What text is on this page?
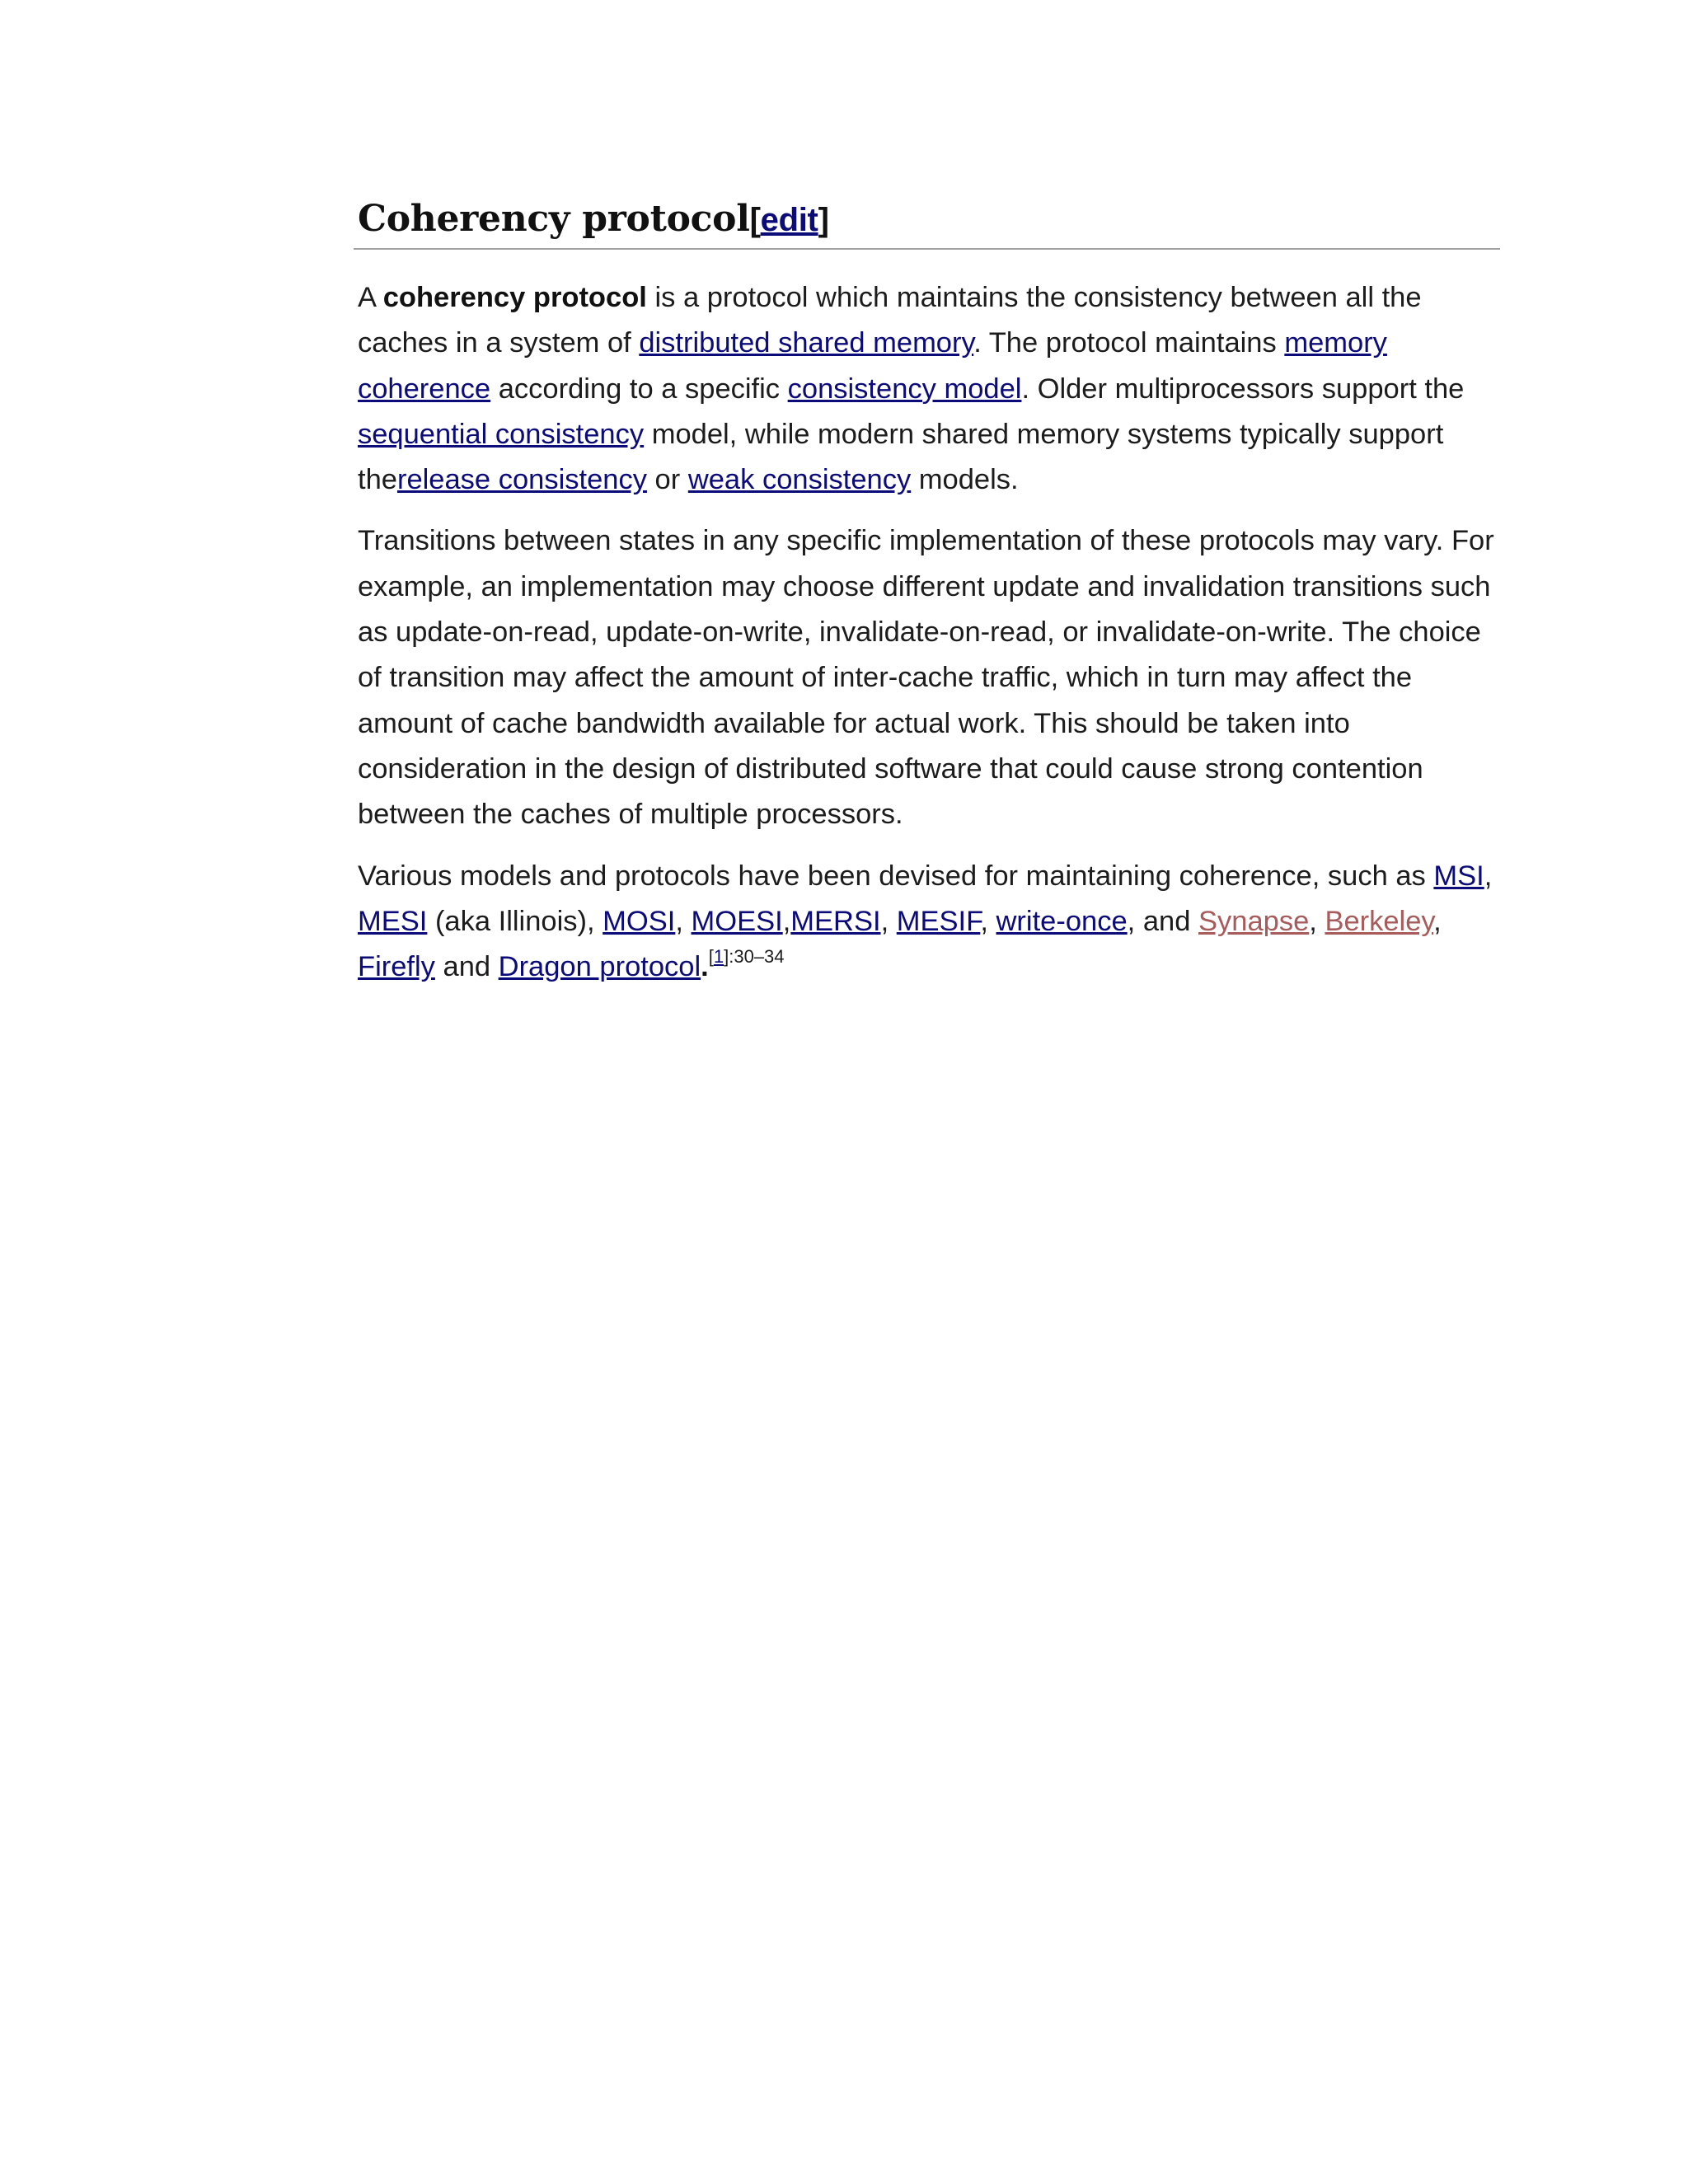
Coherency protocol[edit]

A coherency protocol is a protocol which maintains the consistency between all the caches in a system of distributed shared memory. The protocol maintains memory coherence according to a specific consistency model. Older multiprocessors support the sequential consistency model, while modern shared memory systems typically support therelease consistency or weak consistency models.

Transitions between states in any specific implementation of these protocols may vary. For example, an implementation may choose different update and invalidation transitions such as update-on-read, update-on-write, invalidate-on-read, or invalidate-on-write. The choice of transition may affect the amount of inter-cache traffic, which in turn may affect the amount of cache bandwidth available for actual work. This should be taken into consideration in the design of distributed software that could cause strong contention between the caches of multiple processors.

Various models and protocols have been devised for maintaining coherence, such as MSI, MESI (aka Illinois), MOSI, MOESI,MERSI, MESIF, write-once, and Synapse, Berkeley, Firefly and Dragon protocol.$^{[1]:30-34}$
